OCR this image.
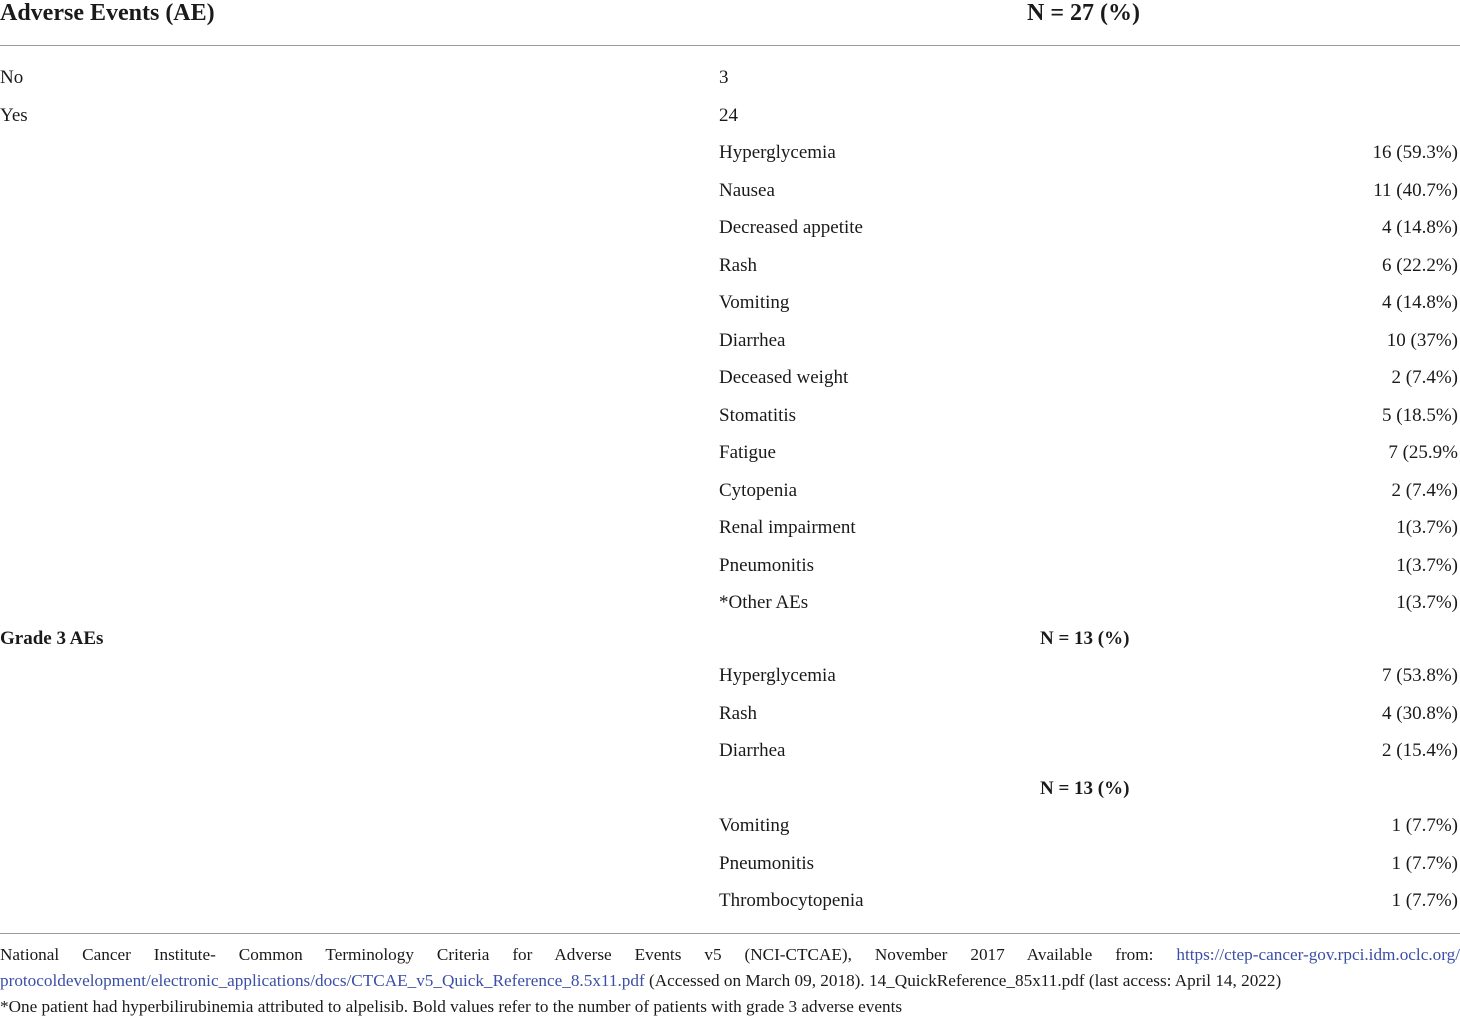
Adverse Events (AE)	N = 27 (%)
No	3
Yes	24
Hyperglycemia	16 (59.3%)
Nausea	11 (40.7%)
Decreased appetite	4 (14.8%)
Rash	6 (22.2%)
Vomiting	4 (14.8%)
Diarrhea	10 (37%)
Deceased weight	2 (7.4%)
Stomatitis	5 (18.5%)
Fatigue	7 (25.9%
Cytopenia	2 (7.4%)
Renal impairment	1(3.7%)
Pneumonitis	1(3.7%)
*Other AEs	1(3.7%)
Grade 3 AEs	N = 13 (%)
Hyperglycemia	7 (53.8%)
Rash	4 (30.8%)
Diarrhea	2 (15.4%)
N = 13 (%)
Vomiting	1 (7.7%)
Pneumonitis	1 (7.7%)
Thrombocytopenia	1 (7.7%)
National Cancer Institute- Common Terminology Criteria for Adverse Events v5 (NCI-CTCAE), November 2017 Available from: https://ctep-cancer-gov.rpci.idm.oclc.org/
protocoldevelopment/electronic_applications/docs/CTCAE_v5_Quick_Reference_8.5x11.pdf (Accessed on March 09, 2018). 14_QuickReference_85x11.pdf (last access: April 14, 2022)
*One patient had hyperbilirubinemia attributed to alpelisib. Bold values refer to the number of patients with grade 3 adverse events
